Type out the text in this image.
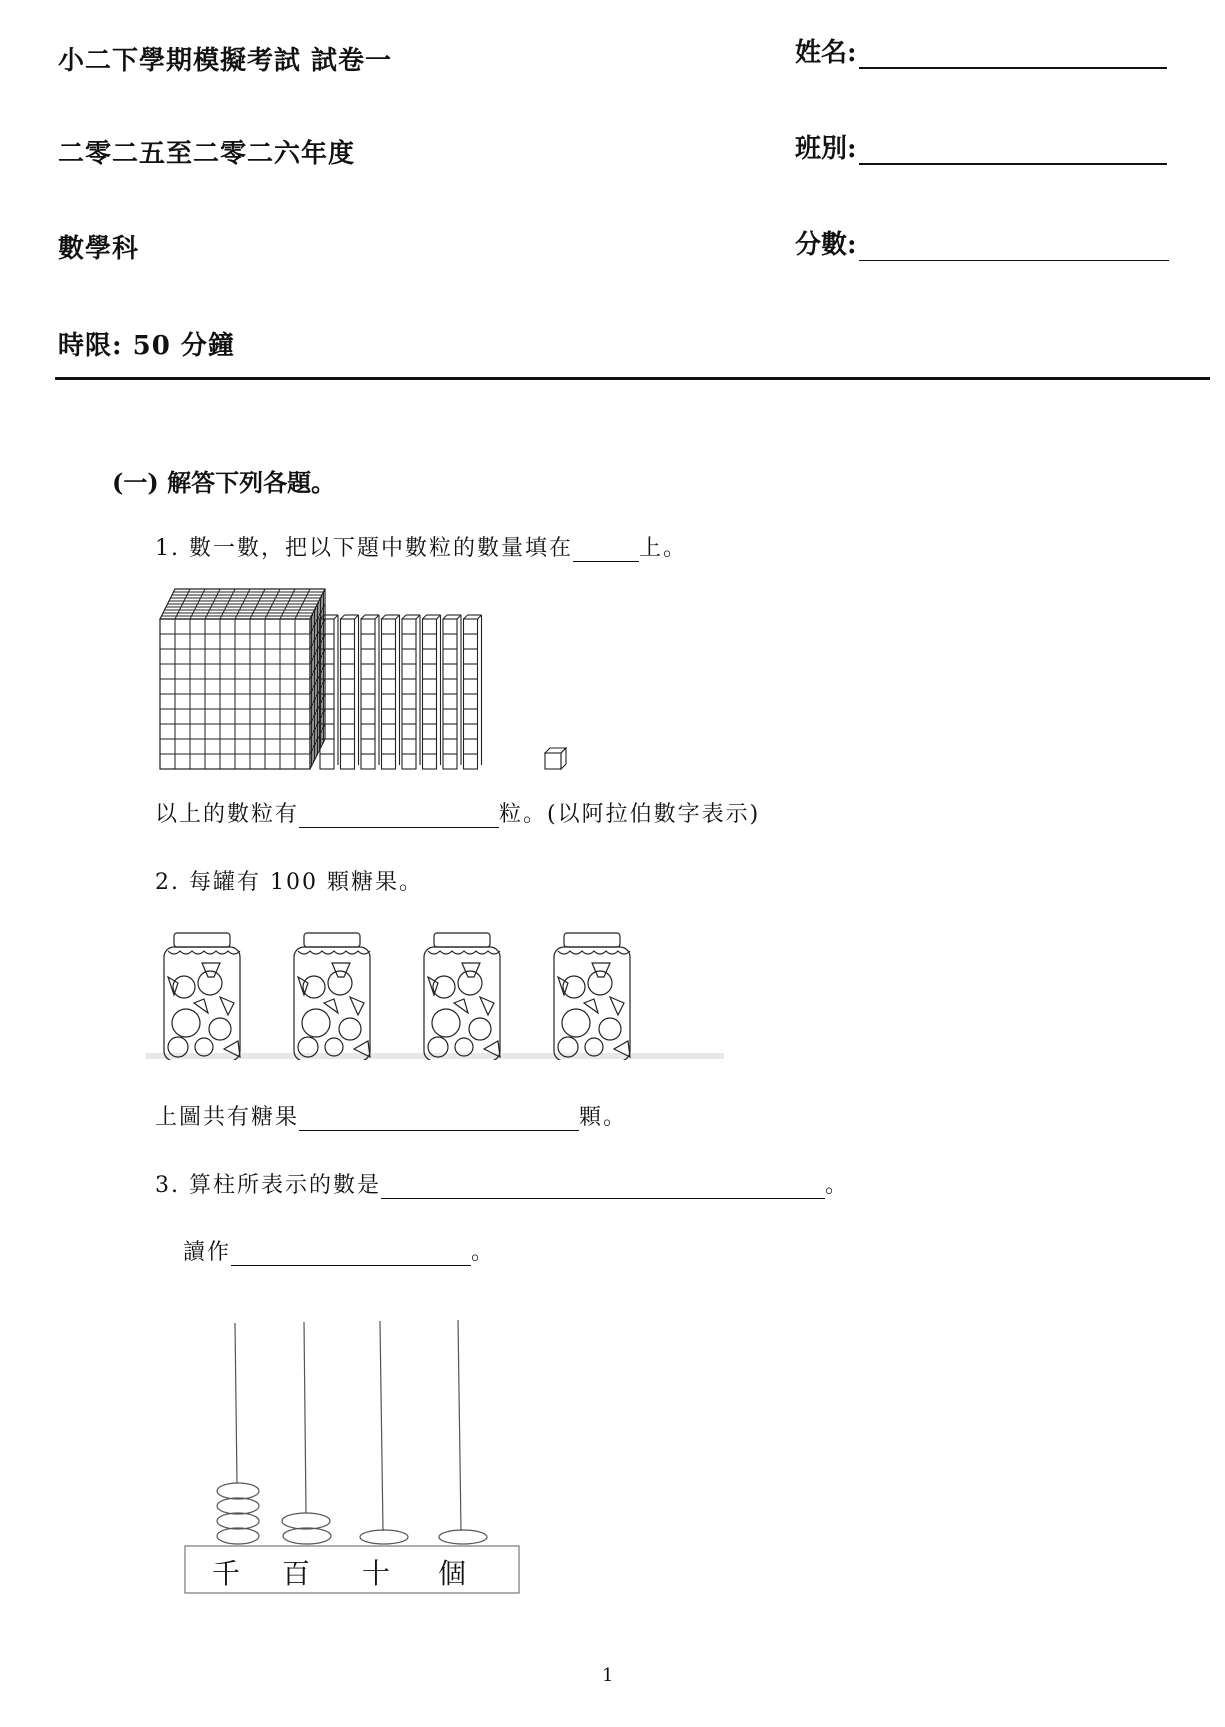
小二下學期模擬考試 試卷一
二零二五至二零二六年度
數學科
時限: 50 分鐘
姓名:
班別:
分數:
(一) 解答下列各題。
1. 數一數，把以下題中數粒的數量填在	上。
以上的數粒有	粒。(以阿拉伯數字表示)
2. 每罐有 100 顆糖果。
上圖共有糖果	顆。
3. 算柱所表示的數是	。
讀作	。
千 百 十 個
1
